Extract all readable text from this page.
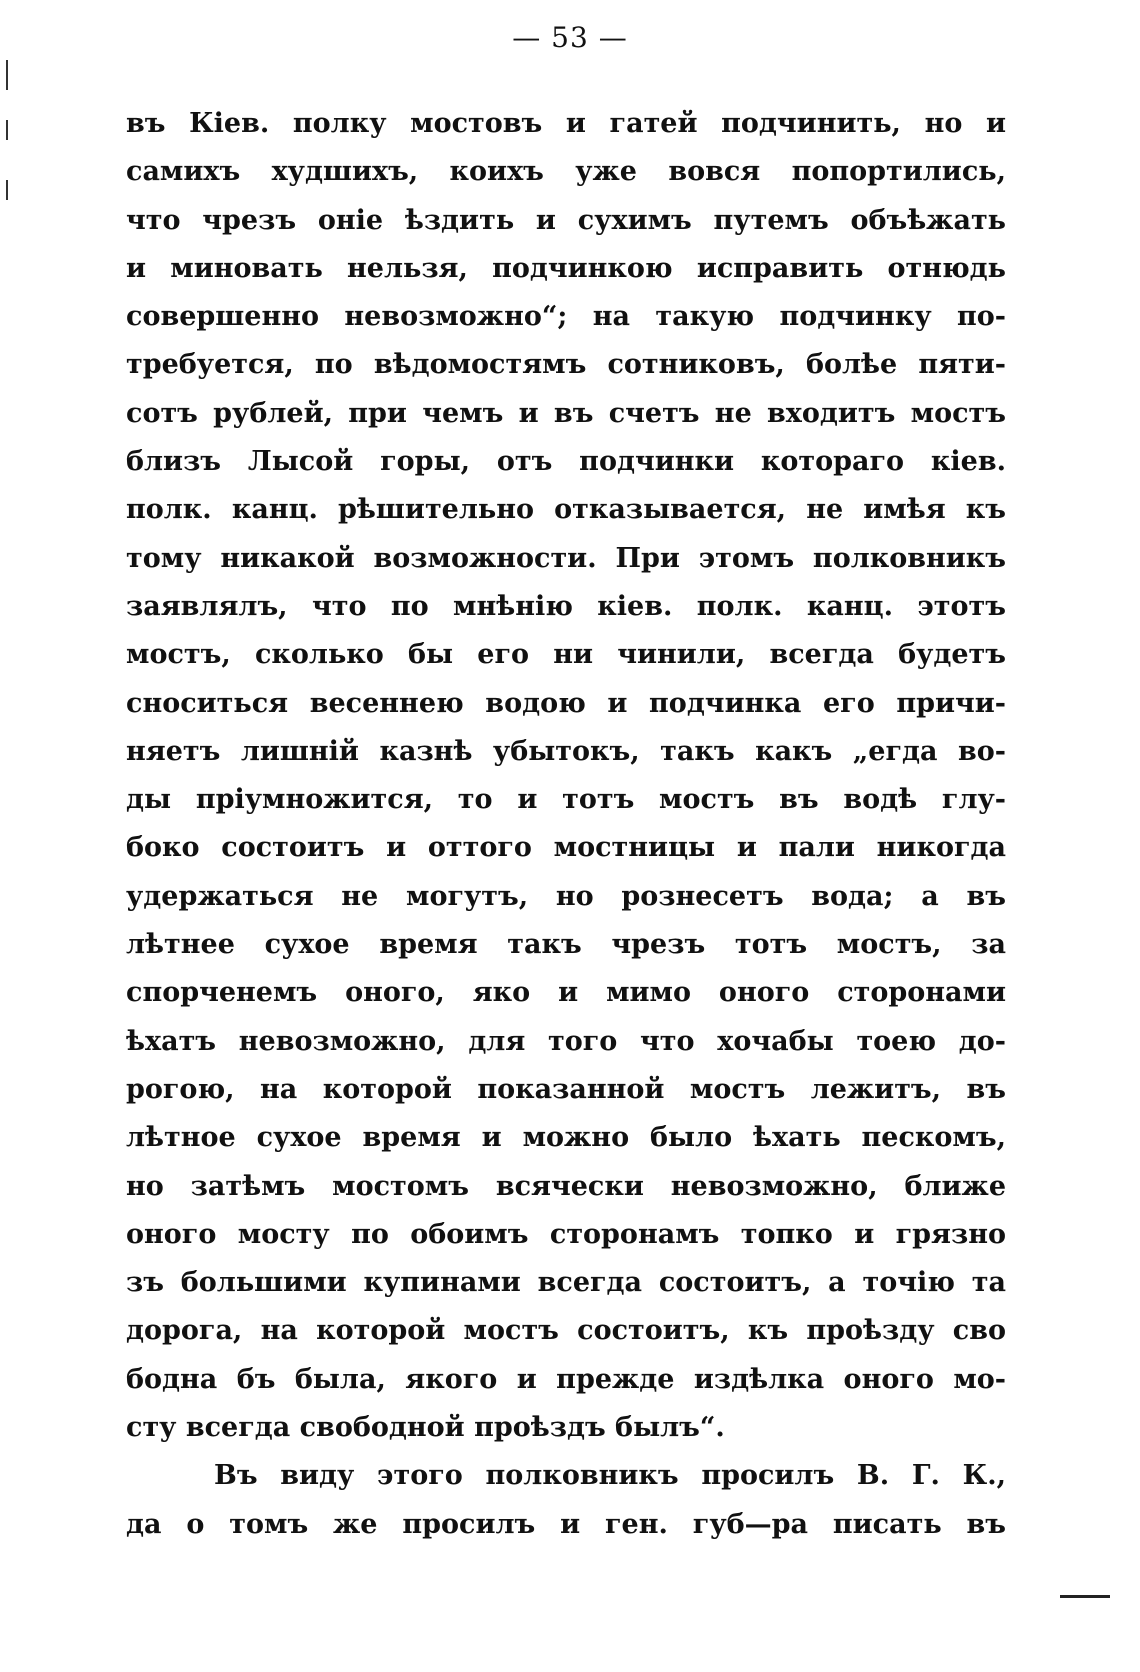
— 53 —
въ Кіев. полку мостовъ и гатей подчинить, но и
самихъ худшихъ, коихъ уже вовся попортились,
что чрезъ оніе ѣздить и сухимъ путемъ объѣжать
и миновать нельзя, подчинкою исправить отнюдь
совершенно невозможно“; на такую подчинку по-
требуется, по вѣдомостямъ сотниковъ, болѣе пяти-
сотъ рублей, при чемъ и въ счетъ не входитъ мостъ
близъ Лысой горы, отъ подчинки котораго кіев.
полк. канц. рѣшительно отказывается, не имѣя къ
тому никакой возможности. При этомъ полковникъ
заявлялъ, что по мнѣнію кіев. полк. канц. этотъ
мостъ, сколько бы его ни чинили, всегда будетъ
сноситься весеннею водою и подчинка его причи-
няетъ лишній казнѣ убытокъ, такъ какъ „егда во-
ды пріумножится, то и тотъ мостъ въ водѣ глу-
боко состоитъ и оттого мостницы и пали никогда
удержаться не могутъ, но рознесетъ вода; а въ
лѣтнее сухое время такъ чрезъ тотъ мостъ, за
спорченемъ оного, яко и мимо оного сторонами
ѣхатъ невозможно, для того что хочабы тоею до-
рогою, на которой показанной мостъ лежитъ, въ
лѣтное сухое время и можно было ѣхать пескомъ,
но затѣмъ мостомъ всячески невозможно, ближе
оного мосту по обоимъ сторонамъ топко и грязно
зъ большими купинами всегда состоитъ, а точію та
дорога, на которой мостъ состоитъ, къ проѣзду сво
бодна бъ была, якого и прежде издѣлка оного мо-
сту всегда свободной проѣздъ былъ“.
Въ виду этого полковникъ просилъ В. Г. К.,
да о томъ же просилъ и ген. губ—ра писать въ
